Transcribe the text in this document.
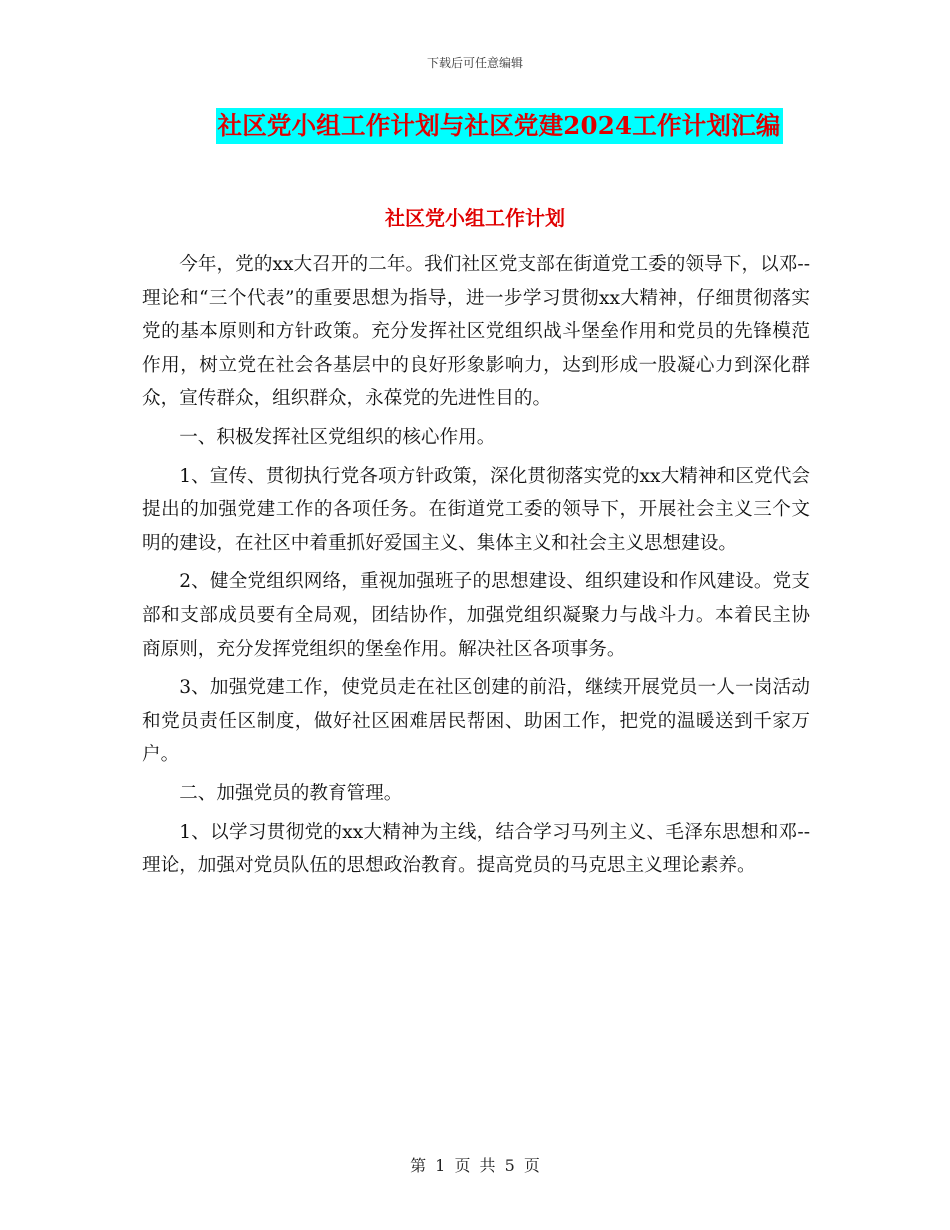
下载后可任意编辑
社区党小组工作计划与社区党建2024工作计划汇编
社区党小组工作计划

今年，党的xx大召开的二年。我们社区党支部在街道党工委的领导下，以邓--理论和“三个代表”的重要思想为指导，进一步学习贯彻xx大精神，仔细贯彻落实党的基本原则和方针政策。充分发挥社区党组织战斗堡垒作用和党员的先锋模范作用，树立党在社会各基层中的良好形象影响力，达到形成一股凝心力到深化群众，宣传群众，组织群众，永葆党的先进性目的。

一、积极发挥社区党组织的核心作用。

1、宣传、贯彻执行党各项方针政策，深化贯彻落实党的xx大精神和区党代会提出的加强党建工作的各项任务。在街道党工委的领导下，开展社会主义三个文明的建设，在社区中着重抓好爱国主义、集体主义和社会主义思想建设。

2、健全党组织网络，重视加强班子的思想建设、组织建设和作风建设。党支部和支部成员要有全局观，团结协作，加强党组织凝聚力与战斗力。本着民主协商原则，充分发挥党组织的堡垒作用。解决社区各项事务。

3、加强党建工作，使党员走在社区创建的前沿，继续开展党员一人一岗活动和党员责任区制度，做好社区困难居民帮困、助困工作，把党的温暖送到千家万户。

二、加强党员的教育管理。

1、以学习贯彻党的xx大精神为主线，结合学习马列主义、毛泽东思想和邓--理论，加强对党员队伍的思想政治教育。提高党员的马克思主义理论素养。

第 1 页 共 5 页
